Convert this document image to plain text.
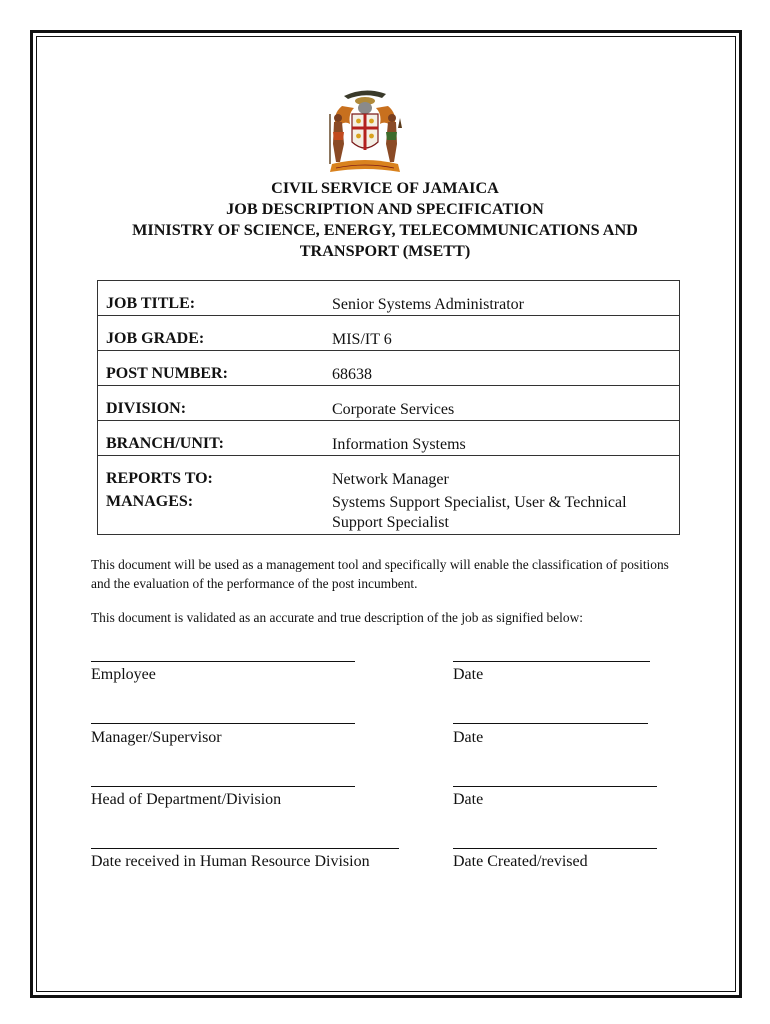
CIVIL SERVICE OF JAMAICA
JOB DESCRIPTION AND SPECIFICATION
MINISTRY OF SCIENCE, ENERGY, TELECOMMUNICATIONS AND
TRANSPORT (MSETT)
JOB TITLE:	Senior Systems Administrator
JOB GRADE:	MIS/IT 6
POST NUMBER:	68638
DIVISION:	Corporate Services
BRANCH/UNIT:	Information Systems
REPORTS TO:	Network Manager
MANAGES:	Systems Support Specialist, User & Technical Support Specialist
This document will be used as a management tool and specifically will enable the classification of positions and the evaluation of the performance of the post incumbent.
This document is validated as an accurate and true description of the job as signified below:
Employee	Date
Manager/Supervisor	Date
Head of Department/Division	Date
Date received in Human Resource Division	Date Created/revised
